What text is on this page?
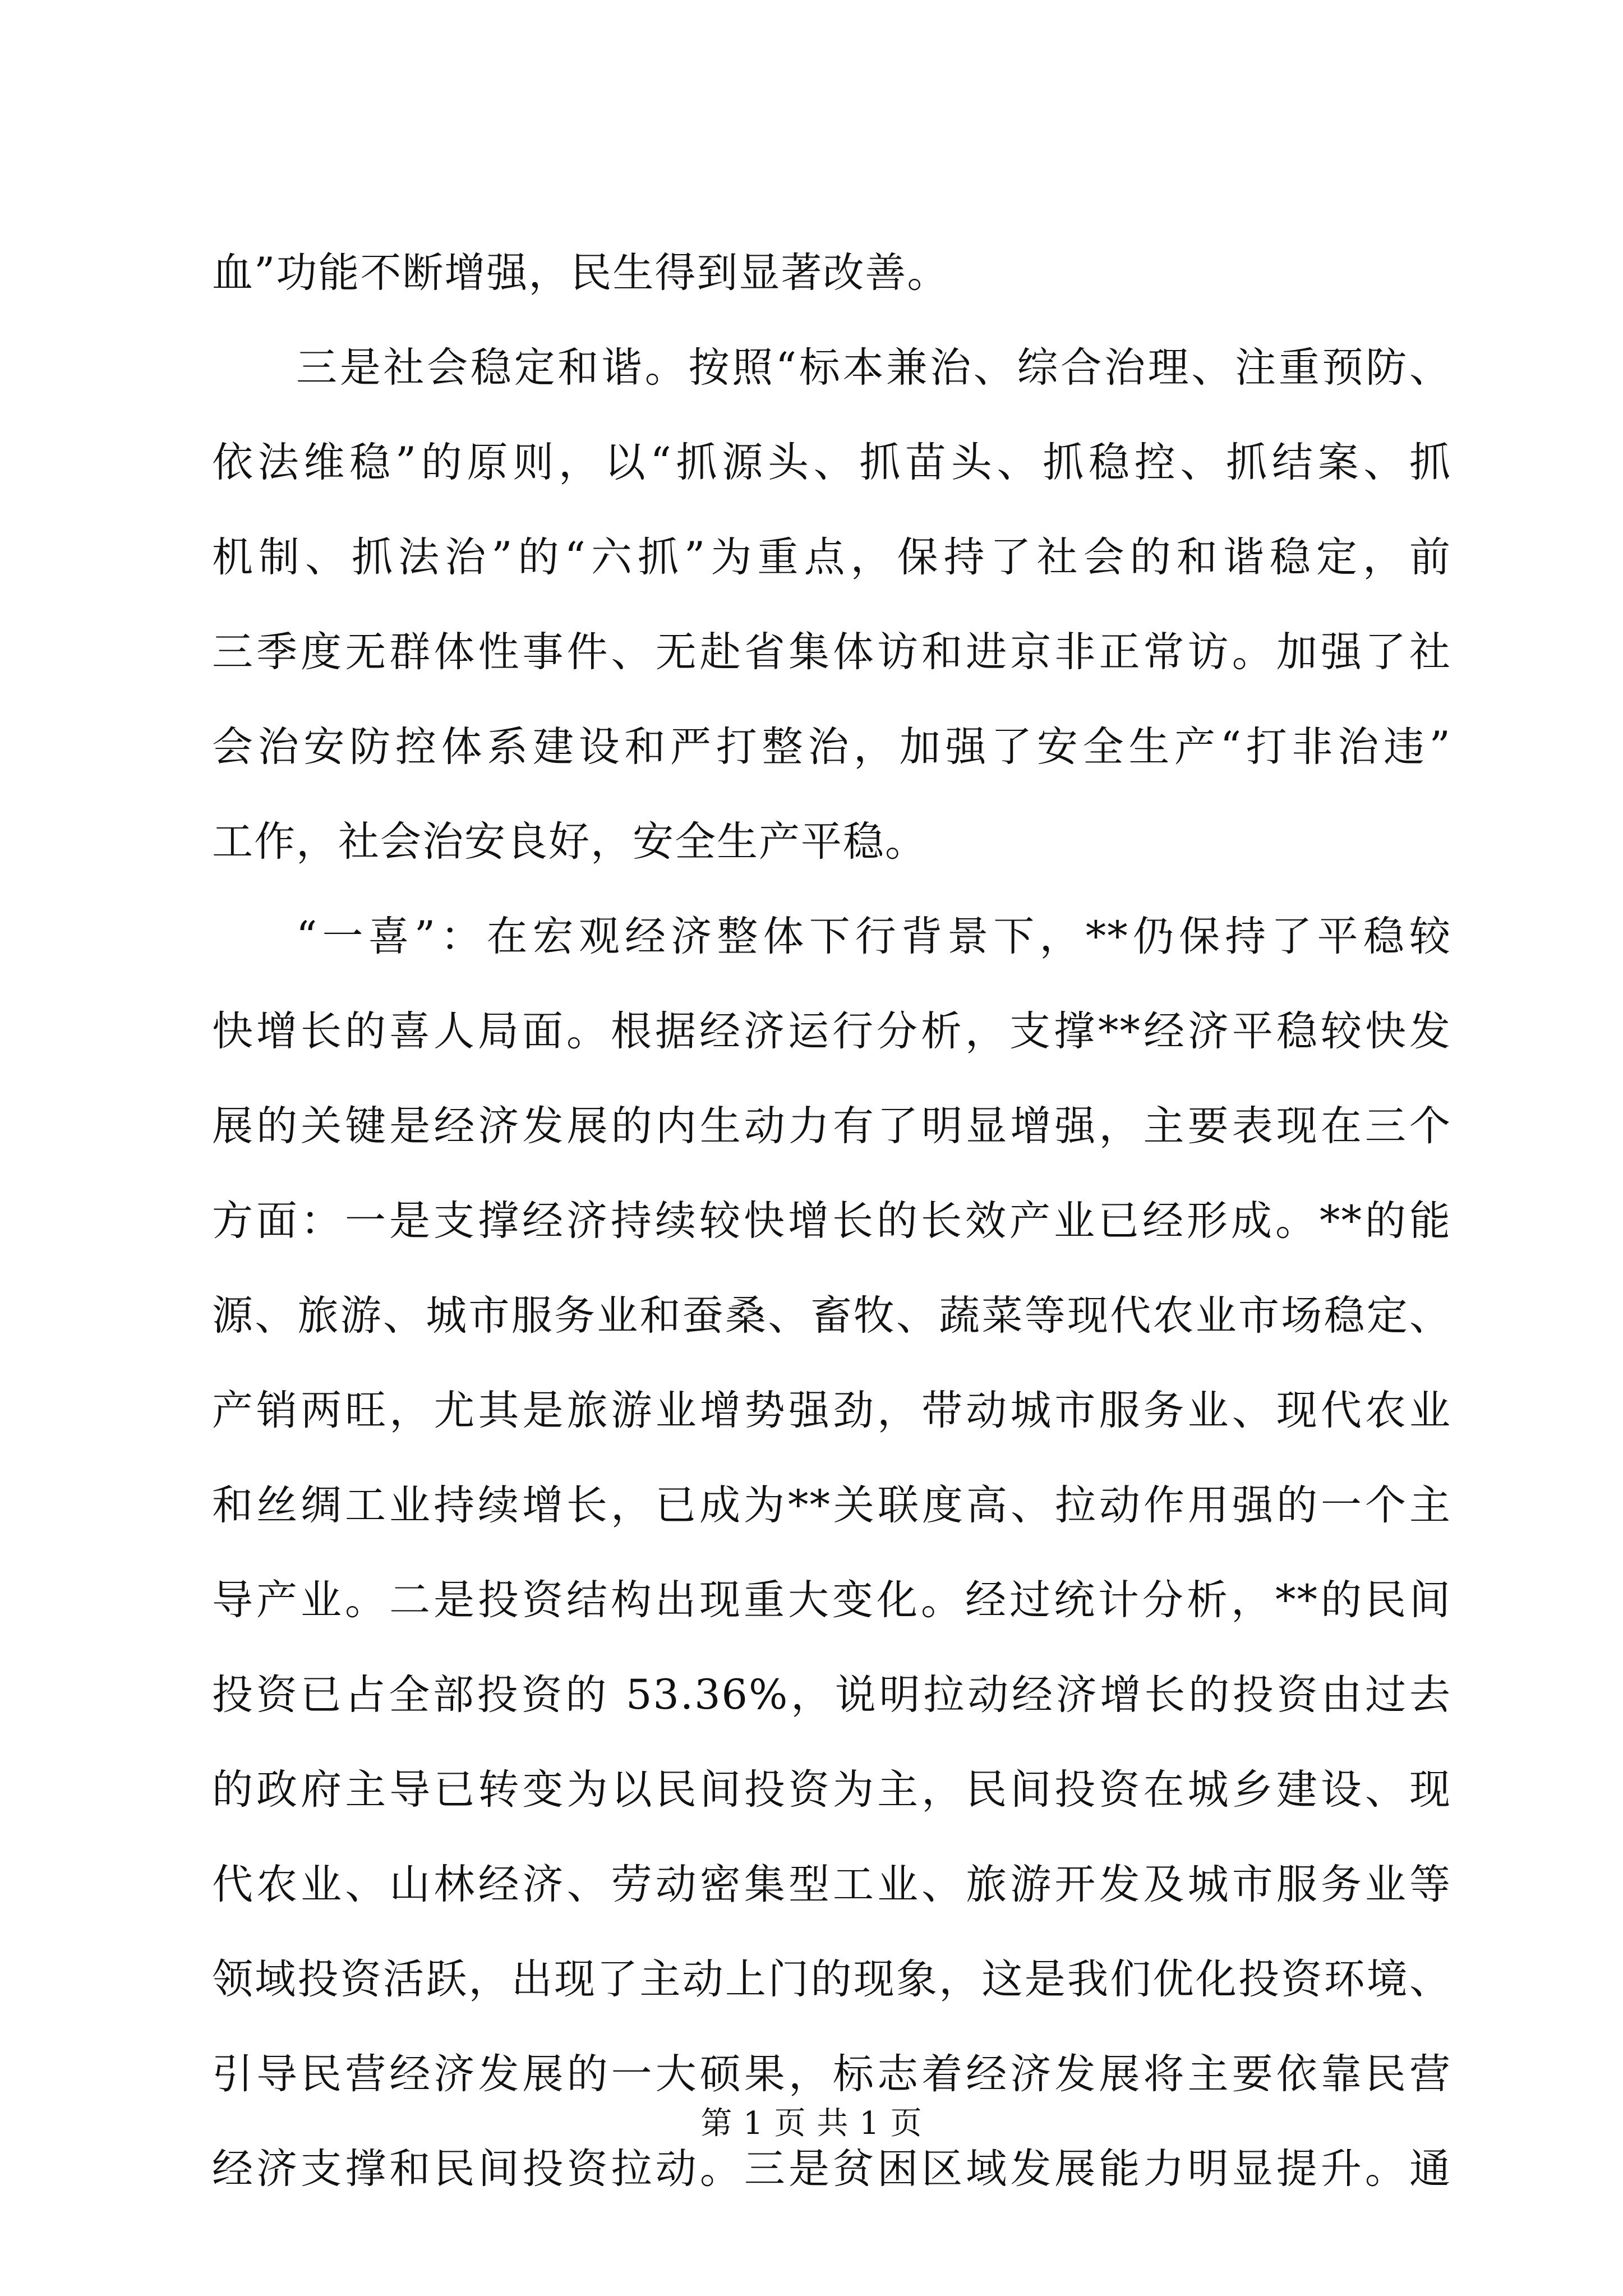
血”功能不断增强，民生得到显著改善。
三是社会稳定和谐。按照“标本兼治、综合治理、注重预防、
依法维稳”的原则，以“抓源头、抓苗头、抓稳控、抓结案、抓
机制、抓法治”的“六抓”为重点，保持了社会的和谐稳定，前
三季度无群体性事件、无赴省集体访和进京非正常访。加强了社
会治安防控体系建设和严打整治，加强了安全生产“打非治违”
工作，社会治安良好，安全生产平稳。
“一喜”：在宏观经济整体下行背景下，**仍保持了平稳较
快增长的喜人局面。根据经济运行分析，支撑**经济平稳较快发
展的关键是经济发展的内生动力有了明显增强，主要表现在三个
方面：一是支撑经济持续较快增长的长效产业已经形成。**的能
源、旅游、城市服务业和蚕桑、畜牧、蔬菜等现代农业市场稳定、
产销两旺，尤其是旅游业增势强劲，带动城市服务业、现代农业
和丝绸工业持续增长，已成为**关联度高、拉动作用强的一个主
导产业。二是投资结构出现重大变化。经过统计分析，**的民间
投资已占全部投资的 53.36%，说明拉动经济增长的投资由过去
的政府主导已转变为以民间投资为主，民间投资在城乡建设、现
代农业、山林经济、劳动密集型工业、旅游开发及城市服务业等
领域投资活跃，出现了主动上门的现象，这是我们优化投资环境、
引导民营经济发展的一大硕果，标志着经济发展将主要依靠民营
经济支撑和民间投资拉动。三是贫困区域发展能力明显提升。通
第 1 页 共 1 页
